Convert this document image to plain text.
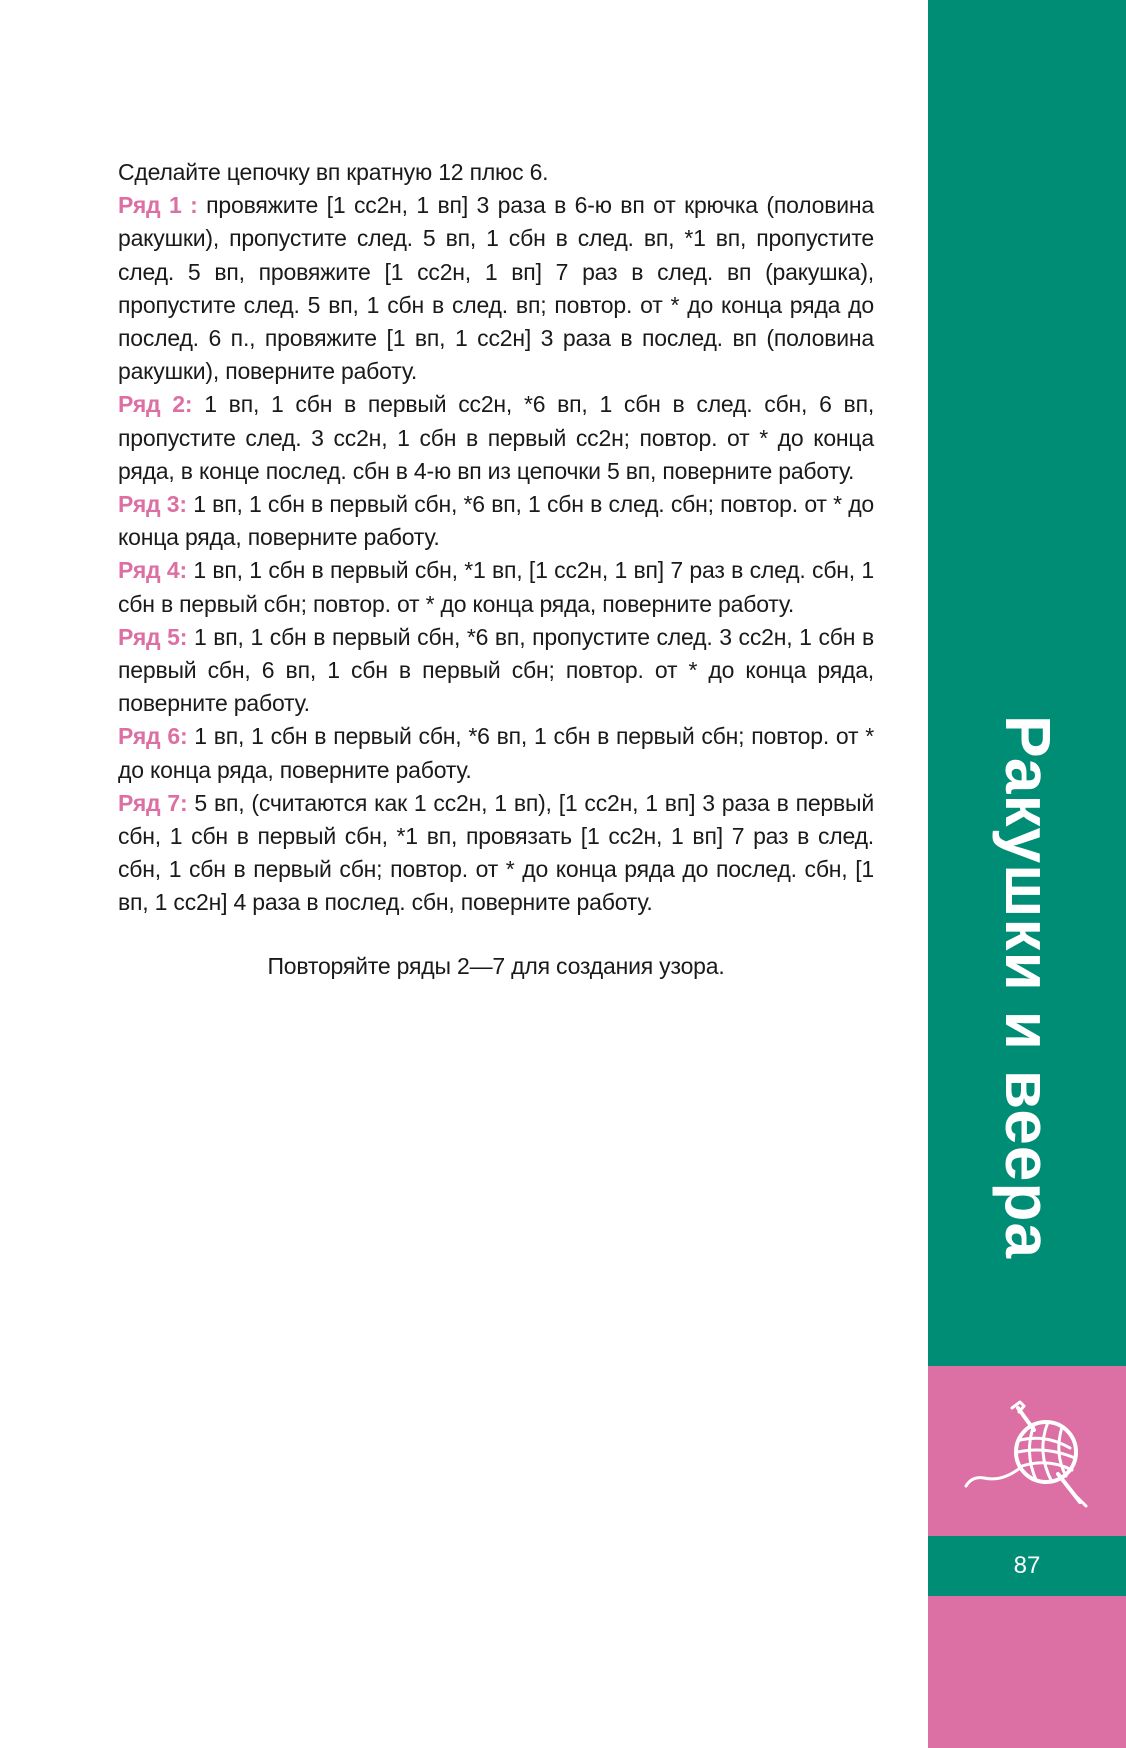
Сделайте цепочку вп кратную 12 плюс 6.

Ряд 1 : провяжите [1 сс2н, 1 вп] 3 раза в 6-ю вп от крючка (половина ракушки), пропустите след. 5 вп, 1 сбн в след. вп, *1 вп, пропустите след. 5 вп, провяжите [1 сс2н, 1 вп] 7 раз в след. вп (ракушка), пропустите след. 5 вп, 1 сбн в след. вп; повтор. от * до конца ряда до послед. 6 п., провяжите [1 вп, 1 сс2н] 3 раза в послед. вп (половина ракушки), поверните работу.

Ряд 2: 1 вп, 1 сбн в первый сс2н, *6 вп, 1 сбн в след. сбн, 6 вп, пропустите след. 3 сс2н, 1 сбн в первый сс2н; повтор. от * до конца ряда, в конце послед. сбн в 4-ю вп из цепочки 5 вп, поверните работу.

Ряд 3: 1 вп, 1 сбн в первый сбн, *6 вп, 1 сбн в след. сбн; повтор. от * до конца ряда, поверните работу.

Ряд 4: 1 вп, 1 сбн в первый сбн, *1 вп, [1 сс2н, 1 вп] 7 раз в след. сбн, 1 сбн в первый сбн; повтор. от * до конца ряда, поверните работу.

Ряд 5: 1 вп, 1 сбн в первый сбн, *6 вп, пропустите след. 3 сс2н, 1 сбн в первый сбн, 6 вп, 1 сбн в первый сбн; повтор. от * до конца ряда, поверните работу.

Ряд 6: 1 вп, 1 сбн в первый сбн, *6 вп, 1 сбн в первый сбн; повтор. от * до конца ряда, поверните работу.

Ряд 7: 5 вп, (считаются как 1 сс2н, 1 вп), [1 сс2н, 1 вп] 3 раза в первый сбн, 1 сбн в первый сбн, *1 вп, провязать [1 сс2н, 1 вп] 7 раз в след. сбн, 1 сбн в первый сбн; повтор. от * до конца ряда до послед. сбн, [1 вп, 1 сс2н] 4 раза в послед. сбн, поверните работу.

Повторяйте ряды 2—7 для создания узора.	Ракушки и веера
87
